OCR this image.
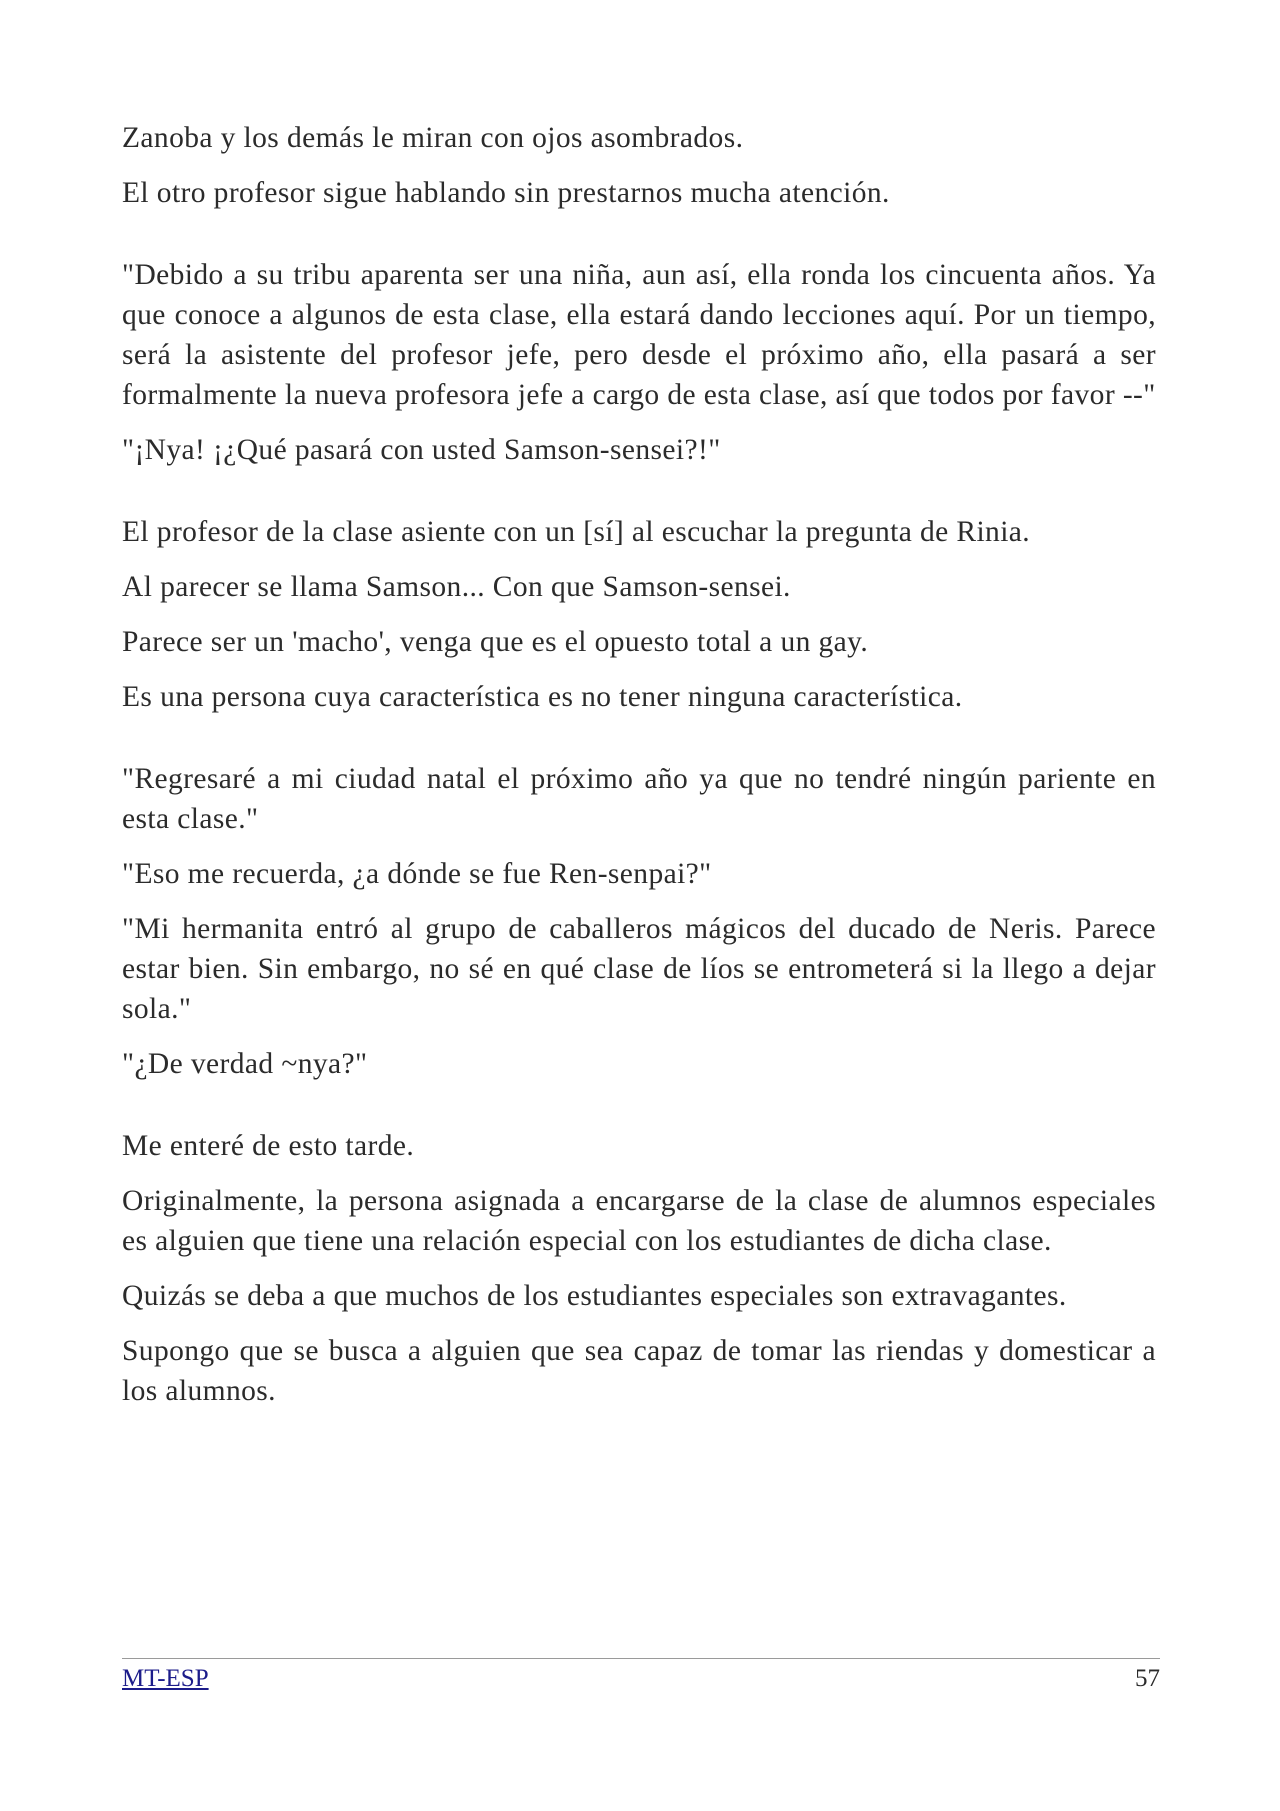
Zanoba y los demás le miran con ojos asombrados.

El otro profesor sigue hablando sin prestarnos mucha atención.

"Debido a su tribu aparenta ser una niña, aun así, ella ronda los cincuenta años. Ya que conoce a algunos de esta clase, ella estará dando lecciones aquí. Por un tiempo, será la asistente del profesor jefe, pero desde el próximo año, ella pasará a ser formalmente la nueva profesora jefe a cargo de esta clase, así que todos por favor --"

"¡Nya! ¡¿Qué pasará con usted Samson-sensei?!"

El profesor de la clase asiente con un [sí] al escuchar la pregunta de Rinia.

Al parecer se llama Samson... Con que Samson-sensei.

Parece ser un 'macho', venga que es el opuesto total a un gay.

Es una persona cuya característica es no tener ninguna característica.

"Regresaré a mi ciudad natal el próximo año ya que no tendré ningún pariente en esta clase."

"Eso me recuerda, ¿a dónde se fue Ren-senpai?"

"Mi hermanita entró al grupo de caballeros mágicos del ducado de Neris. Parece estar bien. Sin embargo, no sé en qué clase de líos se entrometerá si la llego a dejar sola."

"¿De verdad ~nya?"

Me enteré de esto tarde.

Originalmente, la persona asignada a encargarse de la clase de alumnos especiales es alguien que tiene una relación especial con los estudiantes de dicha clase.

Quizás se deba a que muchos de los estudiantes especiales son extravagantes.

Supongo que se busca a alguien que sea capaz de tomar las riendas y domesticar a los alumnos.

MT-ESP	57
